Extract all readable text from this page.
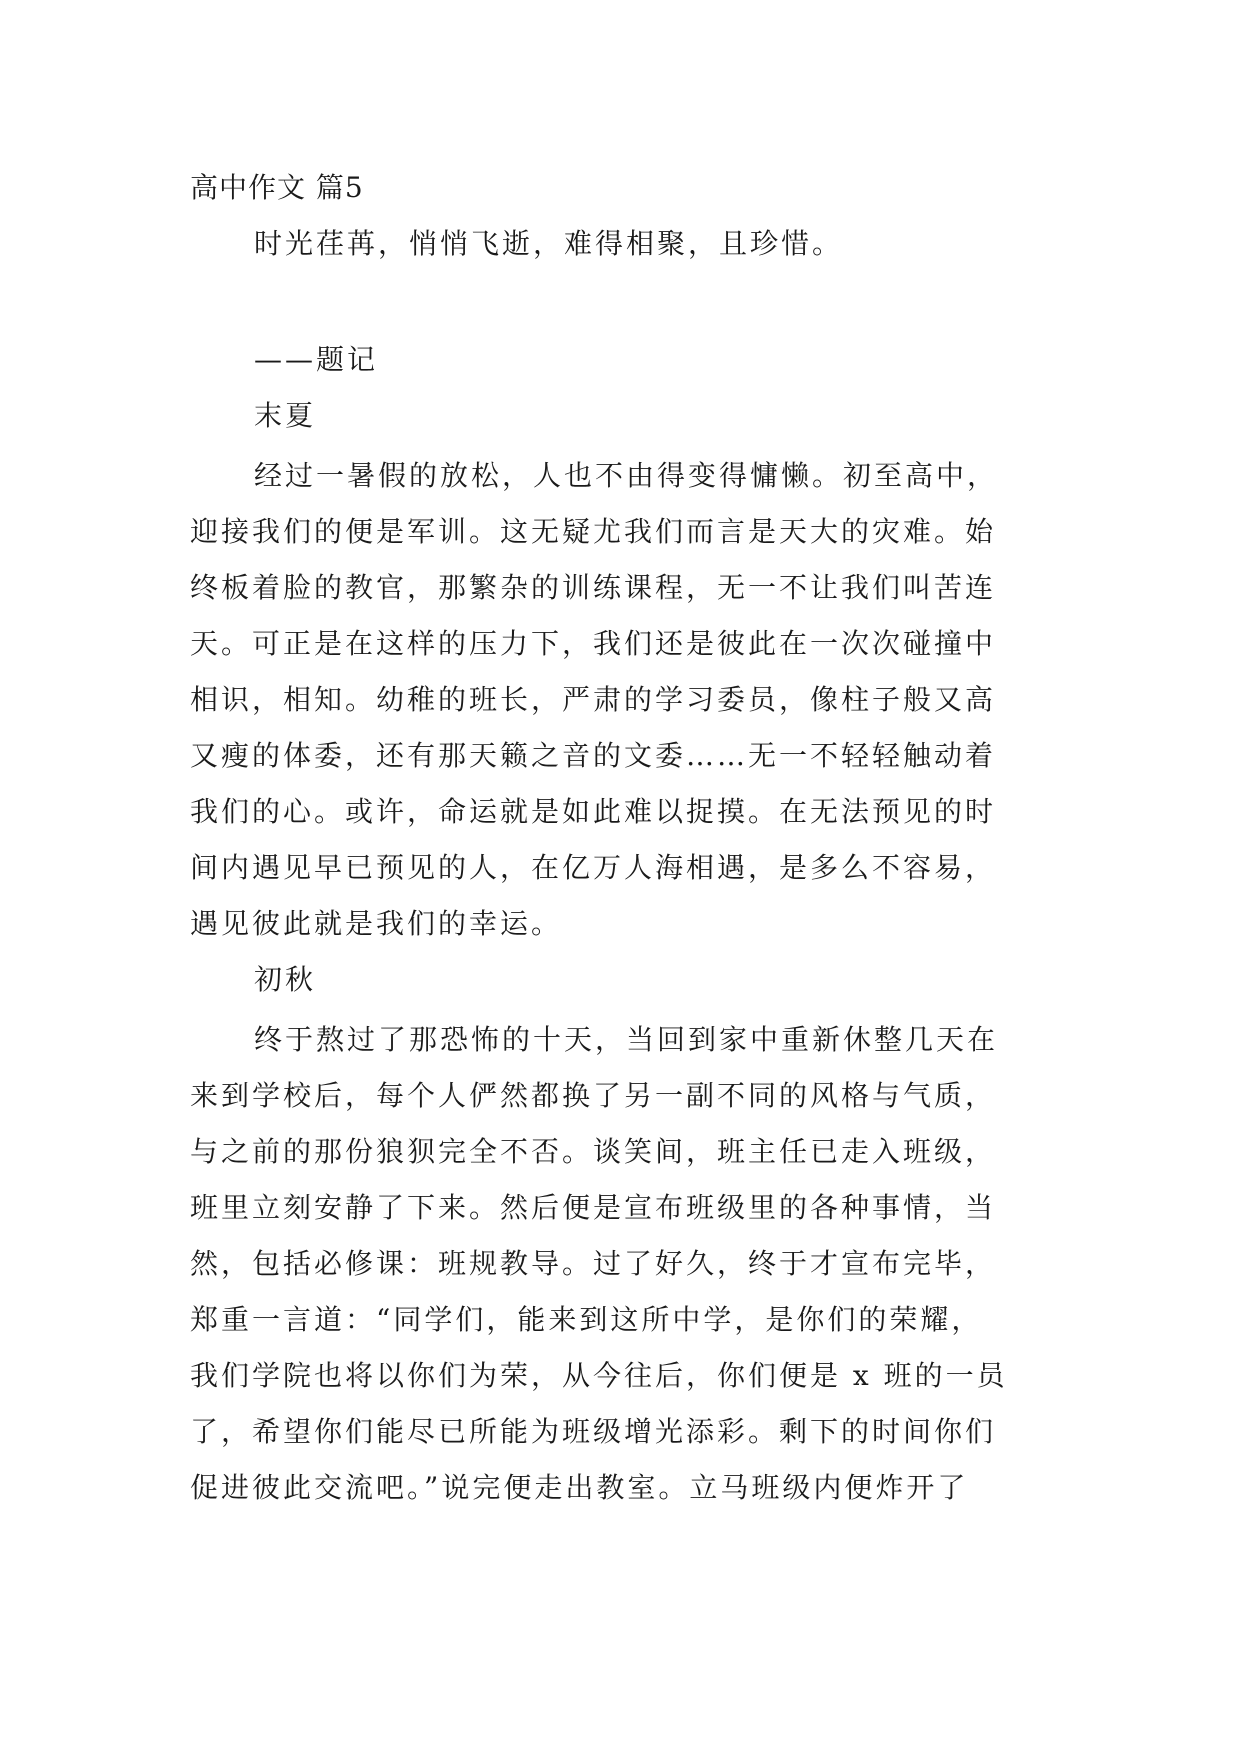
高中作文 篇5

时光荏苒，悄悄飞逝，难得相聚，且珍惜。

——题记

末夏

经过一暑假的放松，人也不由得变得慵懒。初至高中，

迎接我们的便是军训。这无疑尤我们而言是天大的灾难。始

终板着脸的教官，那繁杂的训练课程，无一不让我们叫苦连

天。可正是在这样的压力下，我们还是彼此在一次次碰撞中

相识，相知。幼稚的班长，严肃的学习委员，像柱子般又高

又瘦的体委，还有那天籁之音的文委……无一不轻轻触动着

我们的心。或许，命运就是如此难以捉摸。在无法预见的时

间内遇见早已预见的人，在亿万人海相遇，是多么不容易，

遇见彼此就是我们的幸运。

初秋

终于熬过了那恐怖的十天，当回到家中重新休整几天在

来到学校后，每个人俨然都换了另一副不同的风格与气质，

与之前的那份狼狈完全不否。谈笑间，班主任已走入班级，

班里立刻安静了下来。然后便是宣布班级里的各种事情，当

然，包括必修课：班规教导。过了好久，终于才宣布完毕，

郑重一言道：“同学们，能来到这所中学，是你们的荣耀，

我们学院也将以你们为荣，从今往后，你们便是 x 班的一员

了，希望你们能尽已所能为班级增光添彩。剩下的时间你们

促进彼此交流吧。”说完便走出教室。立马班级内便炸开了
